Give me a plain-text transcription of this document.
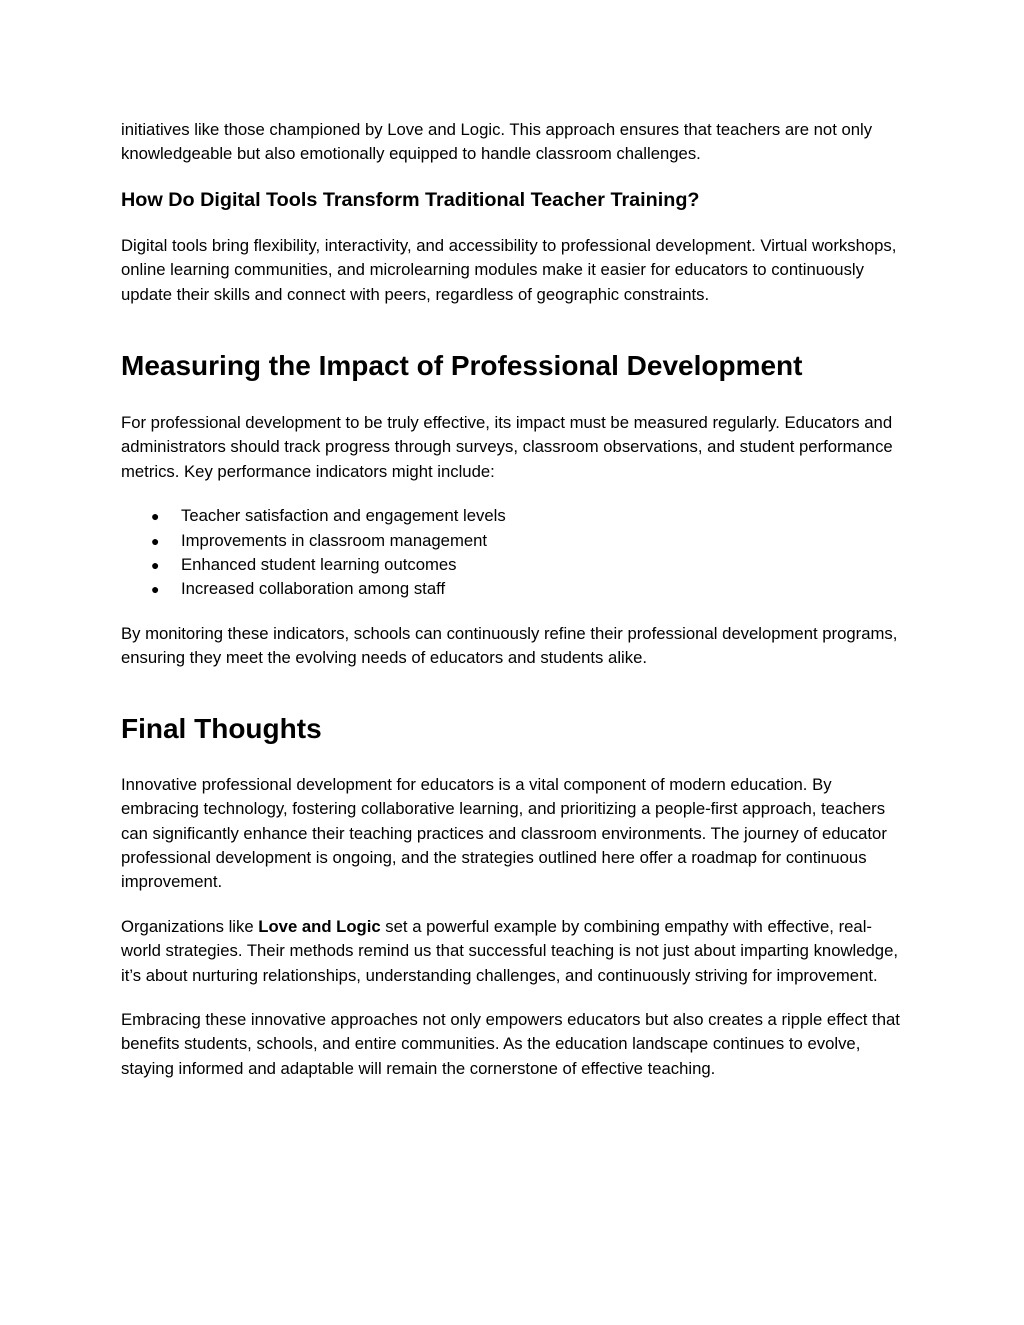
initiatives like those championed by Love and Logic. This approach ensures that teachers are not only knowledgeable but also emotionally equipped to handle classroom challenges.

How Do Digital Tools Transform Traditional Teacher Training?

Digital tools bring flexibility, interactivity, and accessibility to professional development. Virtual workshops, online learning communities, and microlearning modules make it easier for educators to continuously update their skills and connect with peers, regardless of geographic constraints.

Measuring the Impact of Professional Development

For professional development to be truly effective, its impact must be measured regularly. Educators and administrators should track progress through surveys, classroom observations, and student performance metrics. Key performance indicators might include:

● Teacher satisfaction and engagement levels
● Improvements in classroom management
● Enhanced student learning outcomes
● Increased collaboration among staff

By monitoring these indicators, schools can continuously refine their professional development programs, ensuring they meet the evolving needs of educators and students alike.

Final Thoughts

Innovative professional development for educators is a vital component of modern education. By embracing technology, fostering collaborative learning, and prioritizing a people-first approach, teachers can significantly enhance their teaching practices and classroom environments. The journey of educator professional development is ongoing, and the strategies outlined here offer a roadmap for continuous improvement.

Organizations like Love and Logic set a powerful example by combining empathy with effective, real-world strategies. Their methods remind us that successful teaching is not just about imparting knowledge, it’s about nurturing relationships, understanding challenges, and continuously striving for improvement.

Embracing these innovative approaches not only empowers educators but also creates a ripple effect that benefits students, schools, and entire communities. As the education landscape continues to evolve, staying informed and adaptable will remain the cornerstone of effective teaching.
